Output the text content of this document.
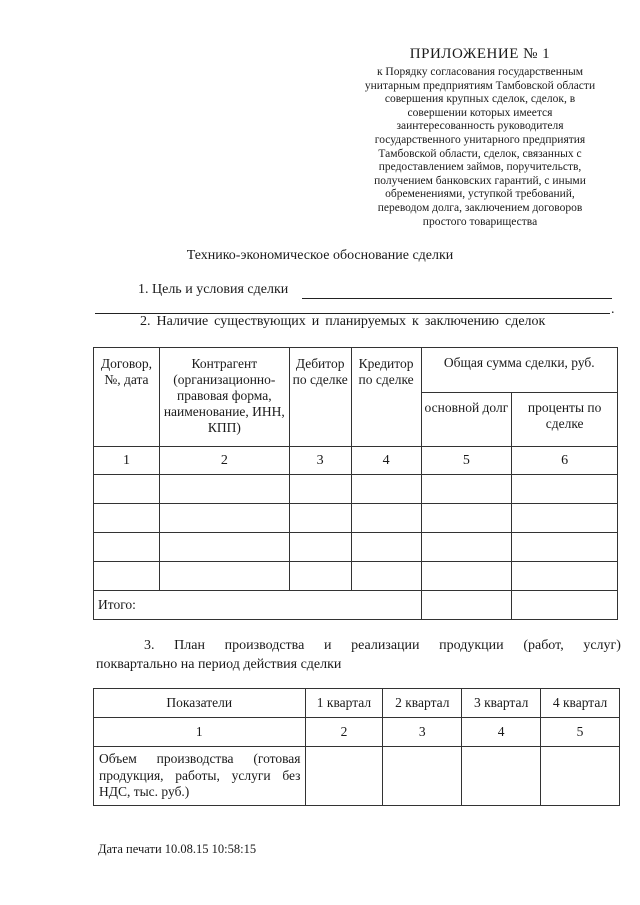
ПРИЛОЖЕНИЕ № 1
к Порядку согласования государственным
унитарным предприятиям Тамбовской области
совершения крупных сделок, сделок, в
совершении которых имеется
заинтересованность руководителя
государственного унитарного предприятия
Тамбовской области, сделок, связанных с
предоставлением займов, поручительств,
получением банковских гарантий, с иными
обременениями, уступкой требований,
переводом долга, заключением договоров
простого товарищества
Технико-экономическое обоснование сделки
1. Цель и условия сделки
.
2. Наличие существующих и планируемых к заключению сделок
Договор, №, дата	Контрагент (организационно-правовая форма, наименование, ИНН, КПП)	Дебитор по сделке	Кредитор по сделке	Общая сумма сделки, руб.	
				основной долг	проценты по сделке
1	2	3	4	5	6

Итого:					
3. План производства и реализации продукции (работ, услуг)
поквартально на период действия сделки
Показатели	1 квартал	2 квартал	3 квартал	4 квартал
1	2	3	4	5
Объем производства (готовая продукция, работы, услуги без НДС, тыс. руб.)				
Дата печати 10.08.15 10:58:15
